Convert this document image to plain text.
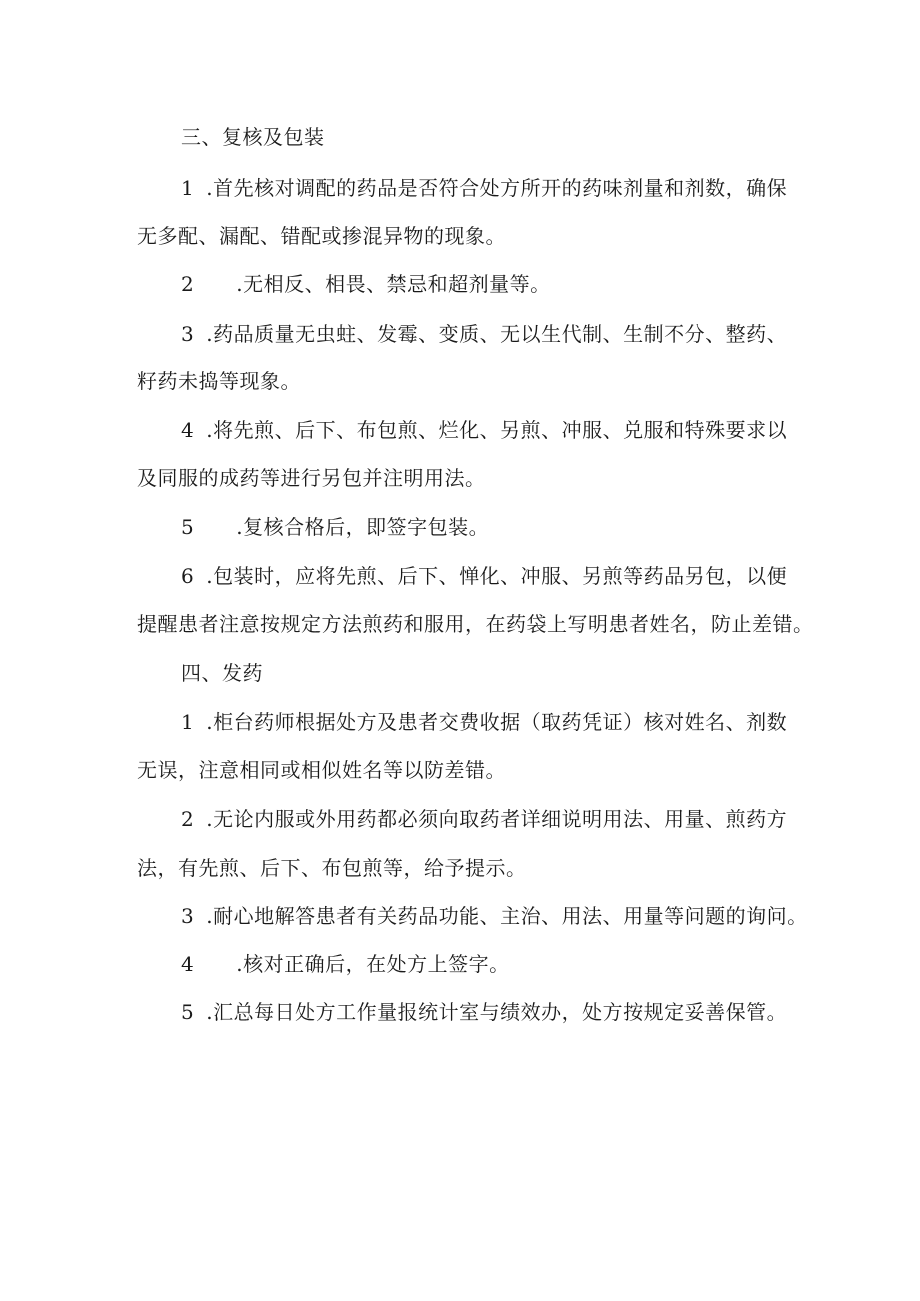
三、复核及包装
1 .首先核对调配的药品是否符合处方所开的药味剂量和剂数，确保
无多配、漏配、错配或掺混异物的现象。
2 .无相反、相畏、禁忌和超剂量等。
3 .药品质量无虫蛀、发霉、变质、无以生代制、生制不分、整药、
籽药未捣等现象。
4 .将先煎、后下、布包煎、烂化、另煎、冲服、兑服和特殊要求以
及同服的成药等进行另包并注明用法。
5 .复核合格后，即签字包装。
6 .包装时，应将先煎、后下、惮化、冲服、另煎等药品另包，以便
提醒患者注意按规定方法煎药和服用，在药袋上写明患者姓名，防止差错。
四、发药
1 .柜台药师根据处方及患者交费收据（取药凭证）核对姓名、剂数
无误，注意相同或相似姓名等以防差错。
2 .无论内服或外用药都必须向取药者详细说明用法、用量、煎药方
法，有先煎、后下、布包煎等，给予提示。
3 .耐心地解答患者有关药品功能、主治、用法、用量等问题的询问。
4 .核对正确后，在处方上签字。
5 .汇总每日处方工作量报统计室与绩效办，处方按规定妥善保管。
